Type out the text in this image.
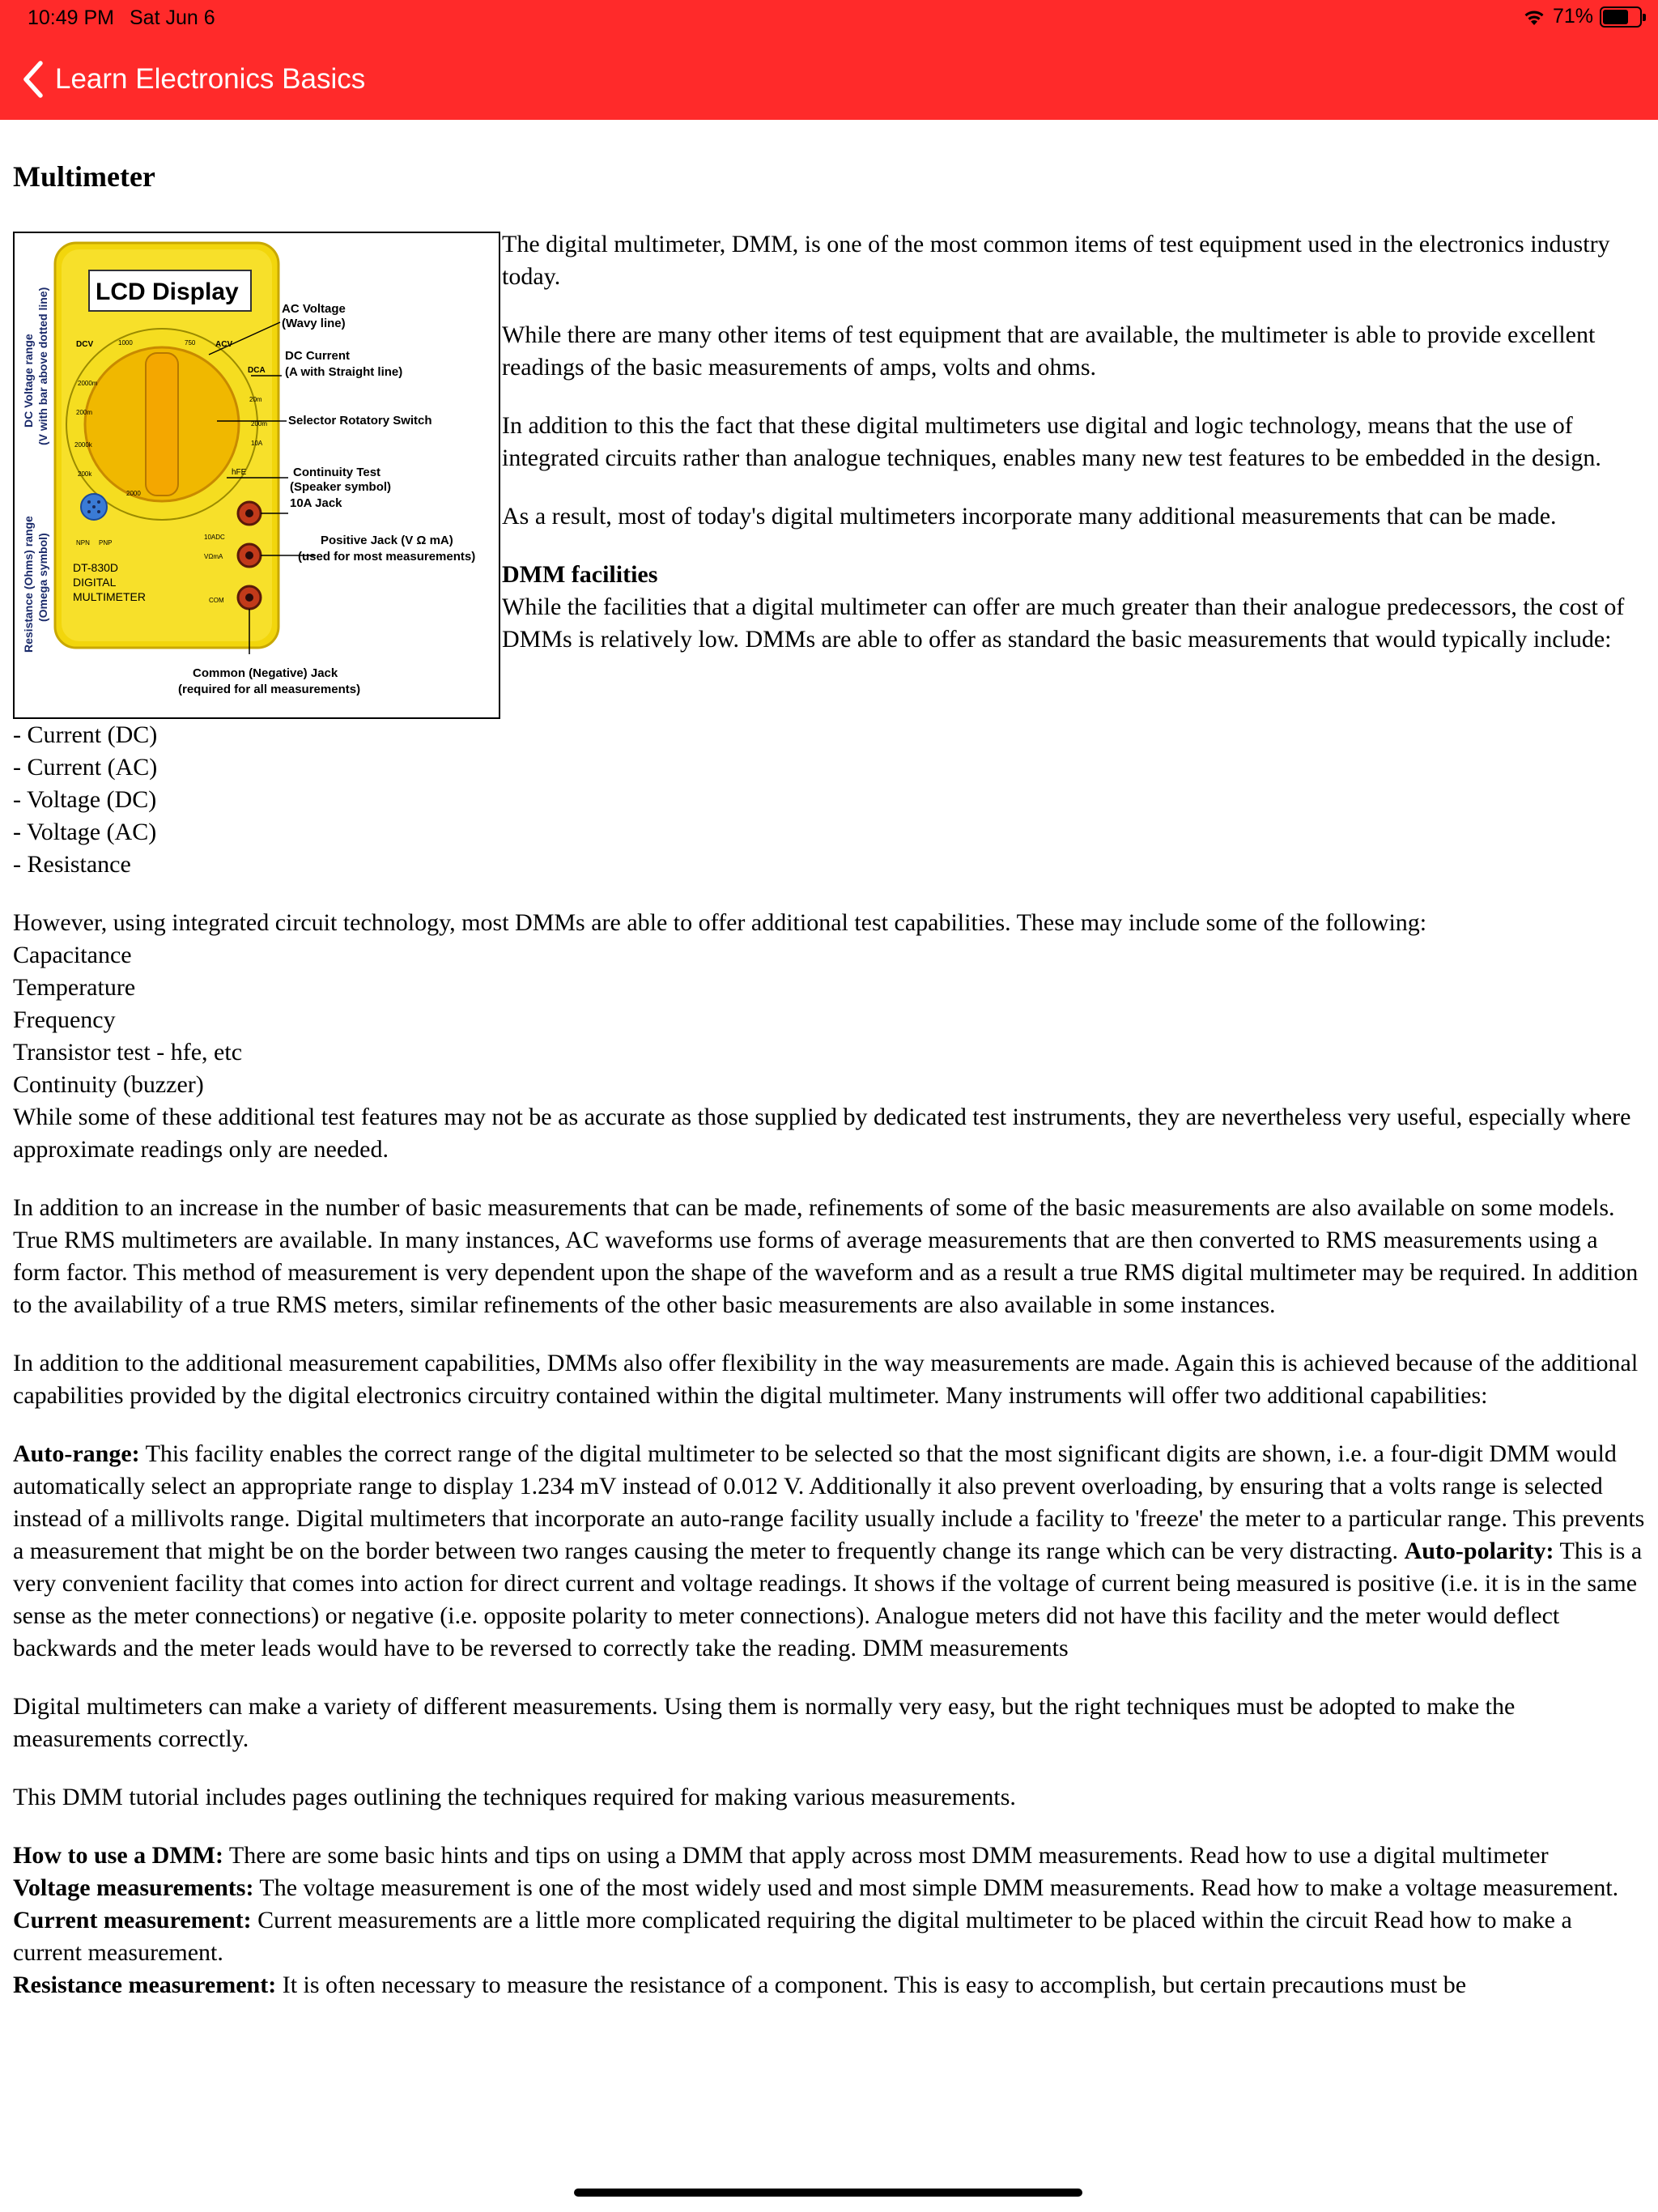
10:49 PM Sat Jun 6	71%
Learn Electronics Basics
Multimeter
LCD Display
DCV	ACV
DCA
hFE
2000m
200m
2000k
200k
20m
200m
10A
1000	750
2000
NPN PNP
DT-830D
DIGITAL
MULTIMETER
10ADC
VΩmA
COM
AC Voltage
(Wavy line)
DC Current
(A with Straight line)
Selector Rotatory Switch
Continuity Test
(Speaker symbol)
10A Jack
Positive Jack (V Ω mA)
(used for most measurements)
Common (Negative) Jack
(required for all measurements)
DC Voltage range (V with bar above dotted line)
Resistance (Ohms) range (Omega symbol)

The digital multimeter, DMM, is one of the most common items of test equipment used in the electronics industry today.

While there are many other items of test equipment that are available, the multimeter is able to provide excellent readings of the basic measurements of amps, volts and ohms.

In addition to this the fact that these digital multimeters use digital and logic technology, means that the use of integrated circuits rather than analogue techniques, enables many new test features to be embedded in the design.

As a result, most of today's digital multimeters incorporate many additional measurements that can be made.

DMM facilities
While the facilities that a digital multimeter can offer are much greater than their analogue predecessors, the cost of DMMs is relatively low. DMMs are able to offer as standard the basic measurements that would typically include:

- Current (DC)
- Current (AC)
- Voltage (DC)
- Voltage (AC)
- Resistance
However, using integrated circuit technology, most DMMs are able to offer additional test capabilities. These may include some of the following:
Capacitance
Temperature
Frequency
Transistor test - hfe, etc
Continuity (buzzer)
While some of these additional test features may not be as accurate as those supplied by dedicated test instruments, they are nevertheless very useful, especially where approximate readings only are needed.

In addition to an increase in the number of basic measurements that can be made, refinements of some of the basic measurements are also available on some models. True RMS multimeters are available. In many instances, AC waveforms use forms of average measurements that are then converted to RMS measurements using a form factor. This method of measurement is very dependent upon the shape of the waveform and as a result a true RMS digital multimeter may be required. In addition to the availability of a true RMS meters, similar refinements of the other basic measurements are also available in some instances.

In addition to the additional measurement capabilities, DMMs also offer flexibility in the way measurements are made. Again this is achieved because of the additional capabilities provided by the digital electronics circuitry contained within the digital multimeter. Many instruments will offer two additional capabilities:

Auto-range: This facility enables the correct range of the digital multimeter to be selected so that the most significant digits are shown, i.e. a four-digit DMM would automatically select an appropriate range to display 1.234 mV instead of 0.012 V. Additionally it also prevent overloading, by ensuring that a volts range is selected instead of a millivolts range. Digital multimeters that incorporate an auto-range facility usually include a facility to 'freeze' the meter to a particular range. This prevents a measurement that might be on the border between two ranges causing the meter to frequently change its range which can be very distracting. Auto-polarity: This is a very convenient facility that comes into action for direct current and voltage readings. It shows if the voltage of current being measured is positive (i.e. it is in the same sense as the meter connections) or negative (i.e. opposite polarity to meter connections). Analogue meters did not have this facility and the meter would deflect backwards and the meter leads would have to be reversed to correctly take the reading. DMM measurements

Digital multimeters can make a variety of different measurements. Using them is normally very easy, but the right techniques must be adopted to make the measurements correctly.

This DMM tutorial includes pages outlining the techniques required for making various measurements.

How to use a DMM: There are some basic hints and tips on using a DMM that apply across most DMM measurements. Read how to use a digital multimeter
Voltage measurements: The voltage measurement is one of the most widely used and most simple DMM measurements. Read how to make a voltage measurement.
Current measurement: Current measurements are a little more complicated requiring the digital multimeter to be placed within the circuit Read how to make a current measurement.
Resistance measurement: It is often necessary to measure the resistance of a component. This is easy to accomplish, but certain precautions must be
